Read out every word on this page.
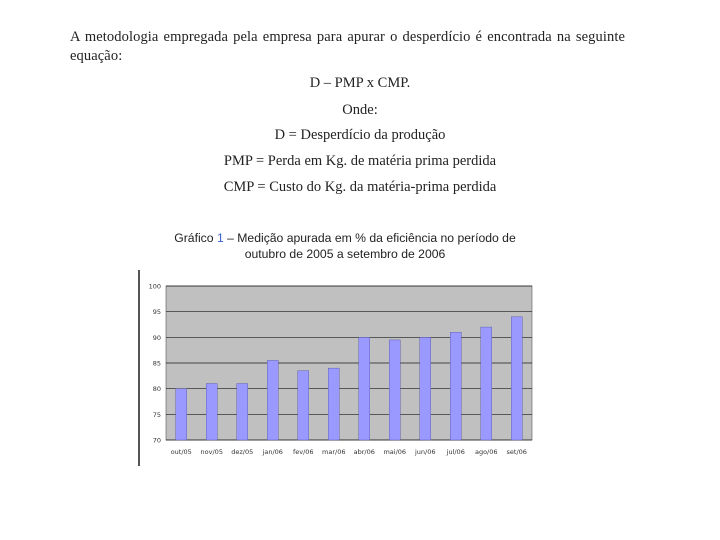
A metodologia empregada pela empresa para apurar o desperdício é encontrada na seguinte equação:
D – PMP x CMP.
Onde:
D = Desperdício da produção
PMP = Perda em Kg. de matéria prima perdida
CMP = Custo do Kg. da matéria-prima perdida
Gráfico 1 – Medição apurada em % da eficiência no período de
outubro de 2005 a setembro de 2006
70
75
80
85
90
95
100
out/05 nov/05 dez/05 jan/06 fev/06 mar/06 abr/06 mai/06 jun/06 jul/06 ago/06 set/06
